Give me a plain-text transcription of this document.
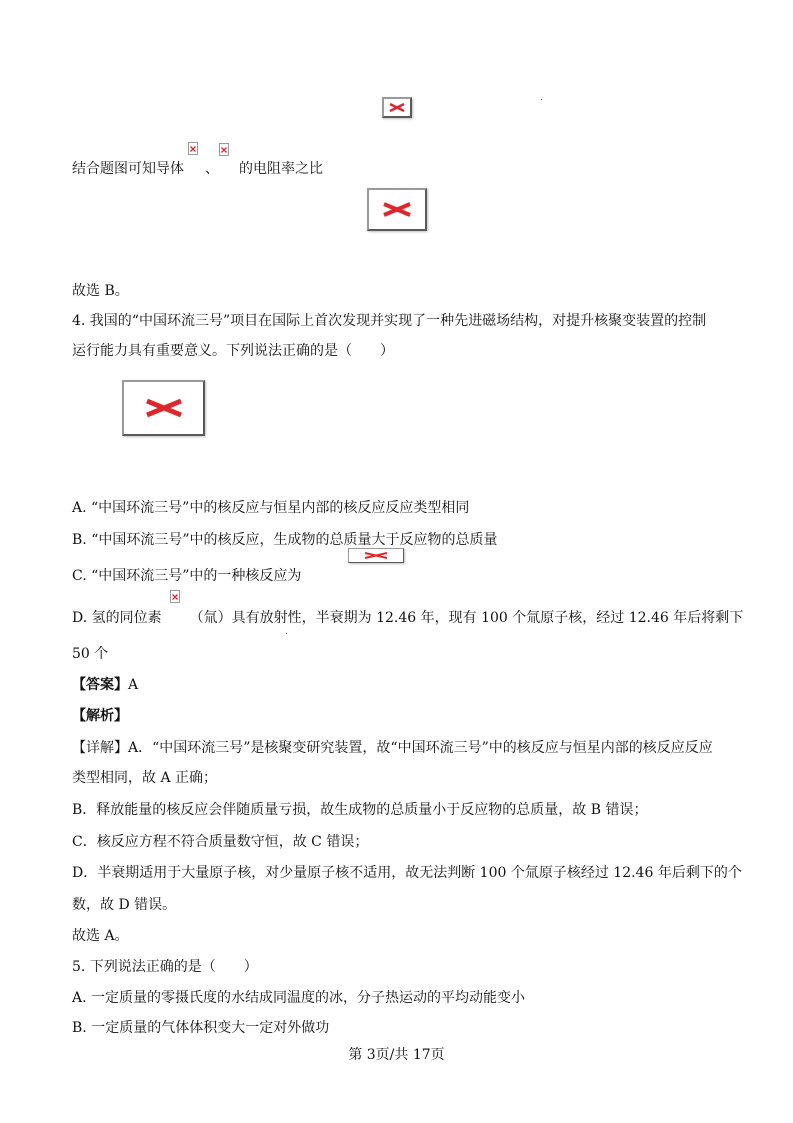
结合题图可知导体 、 的电阻率之比
故选 B。
4. 我国的“中国环流三号”项目在国际上首次发现并实现了一种先进磁场结构，对提升核聚变装置的控制
运行能力具有重要意义。下列说法正确的是（　　）
A. “中国环流三号”中的核反应与恒星内部的核反应反应类型相同
B. “中国环流三号”中的核反应，生成物的总质量大于反应物的总质量
C. “中国环流三号”中的一种核反应为
D. 氢的同位素 （氚）具有放射性，半衰期为 12.46 年，现有 100 个氚原子核，经过 12.46 年后将剩下
50 个
【答案】A
【解析】
【详解】A．“中国环流三号”是核聚变研究装置，故“中国环流三号”中的核反应与恒星内部的核反应反应
类型相同，故 A 正确；
B．释放能量的核反应会伴随质量亏损，故生成物的总质量小于反应物的总质量，故 B 错误；
C．核反应方程不符合质量数守恒，故 C 错误；
D．半衰期适用于大量原子核，对少量原子核不适用，故无法判断 100 个氚原子核经过 12.46 年后剩下的个
数，故 D 错误。
故选 A。
5. 下列说法正确的是（　　）
A. 一定质量的零摄氏度的水结成同温度的冰，分子热运动的平均动能变小
B. 一定质量的气体体积变大一定对外做功
第 3页/共 17页
